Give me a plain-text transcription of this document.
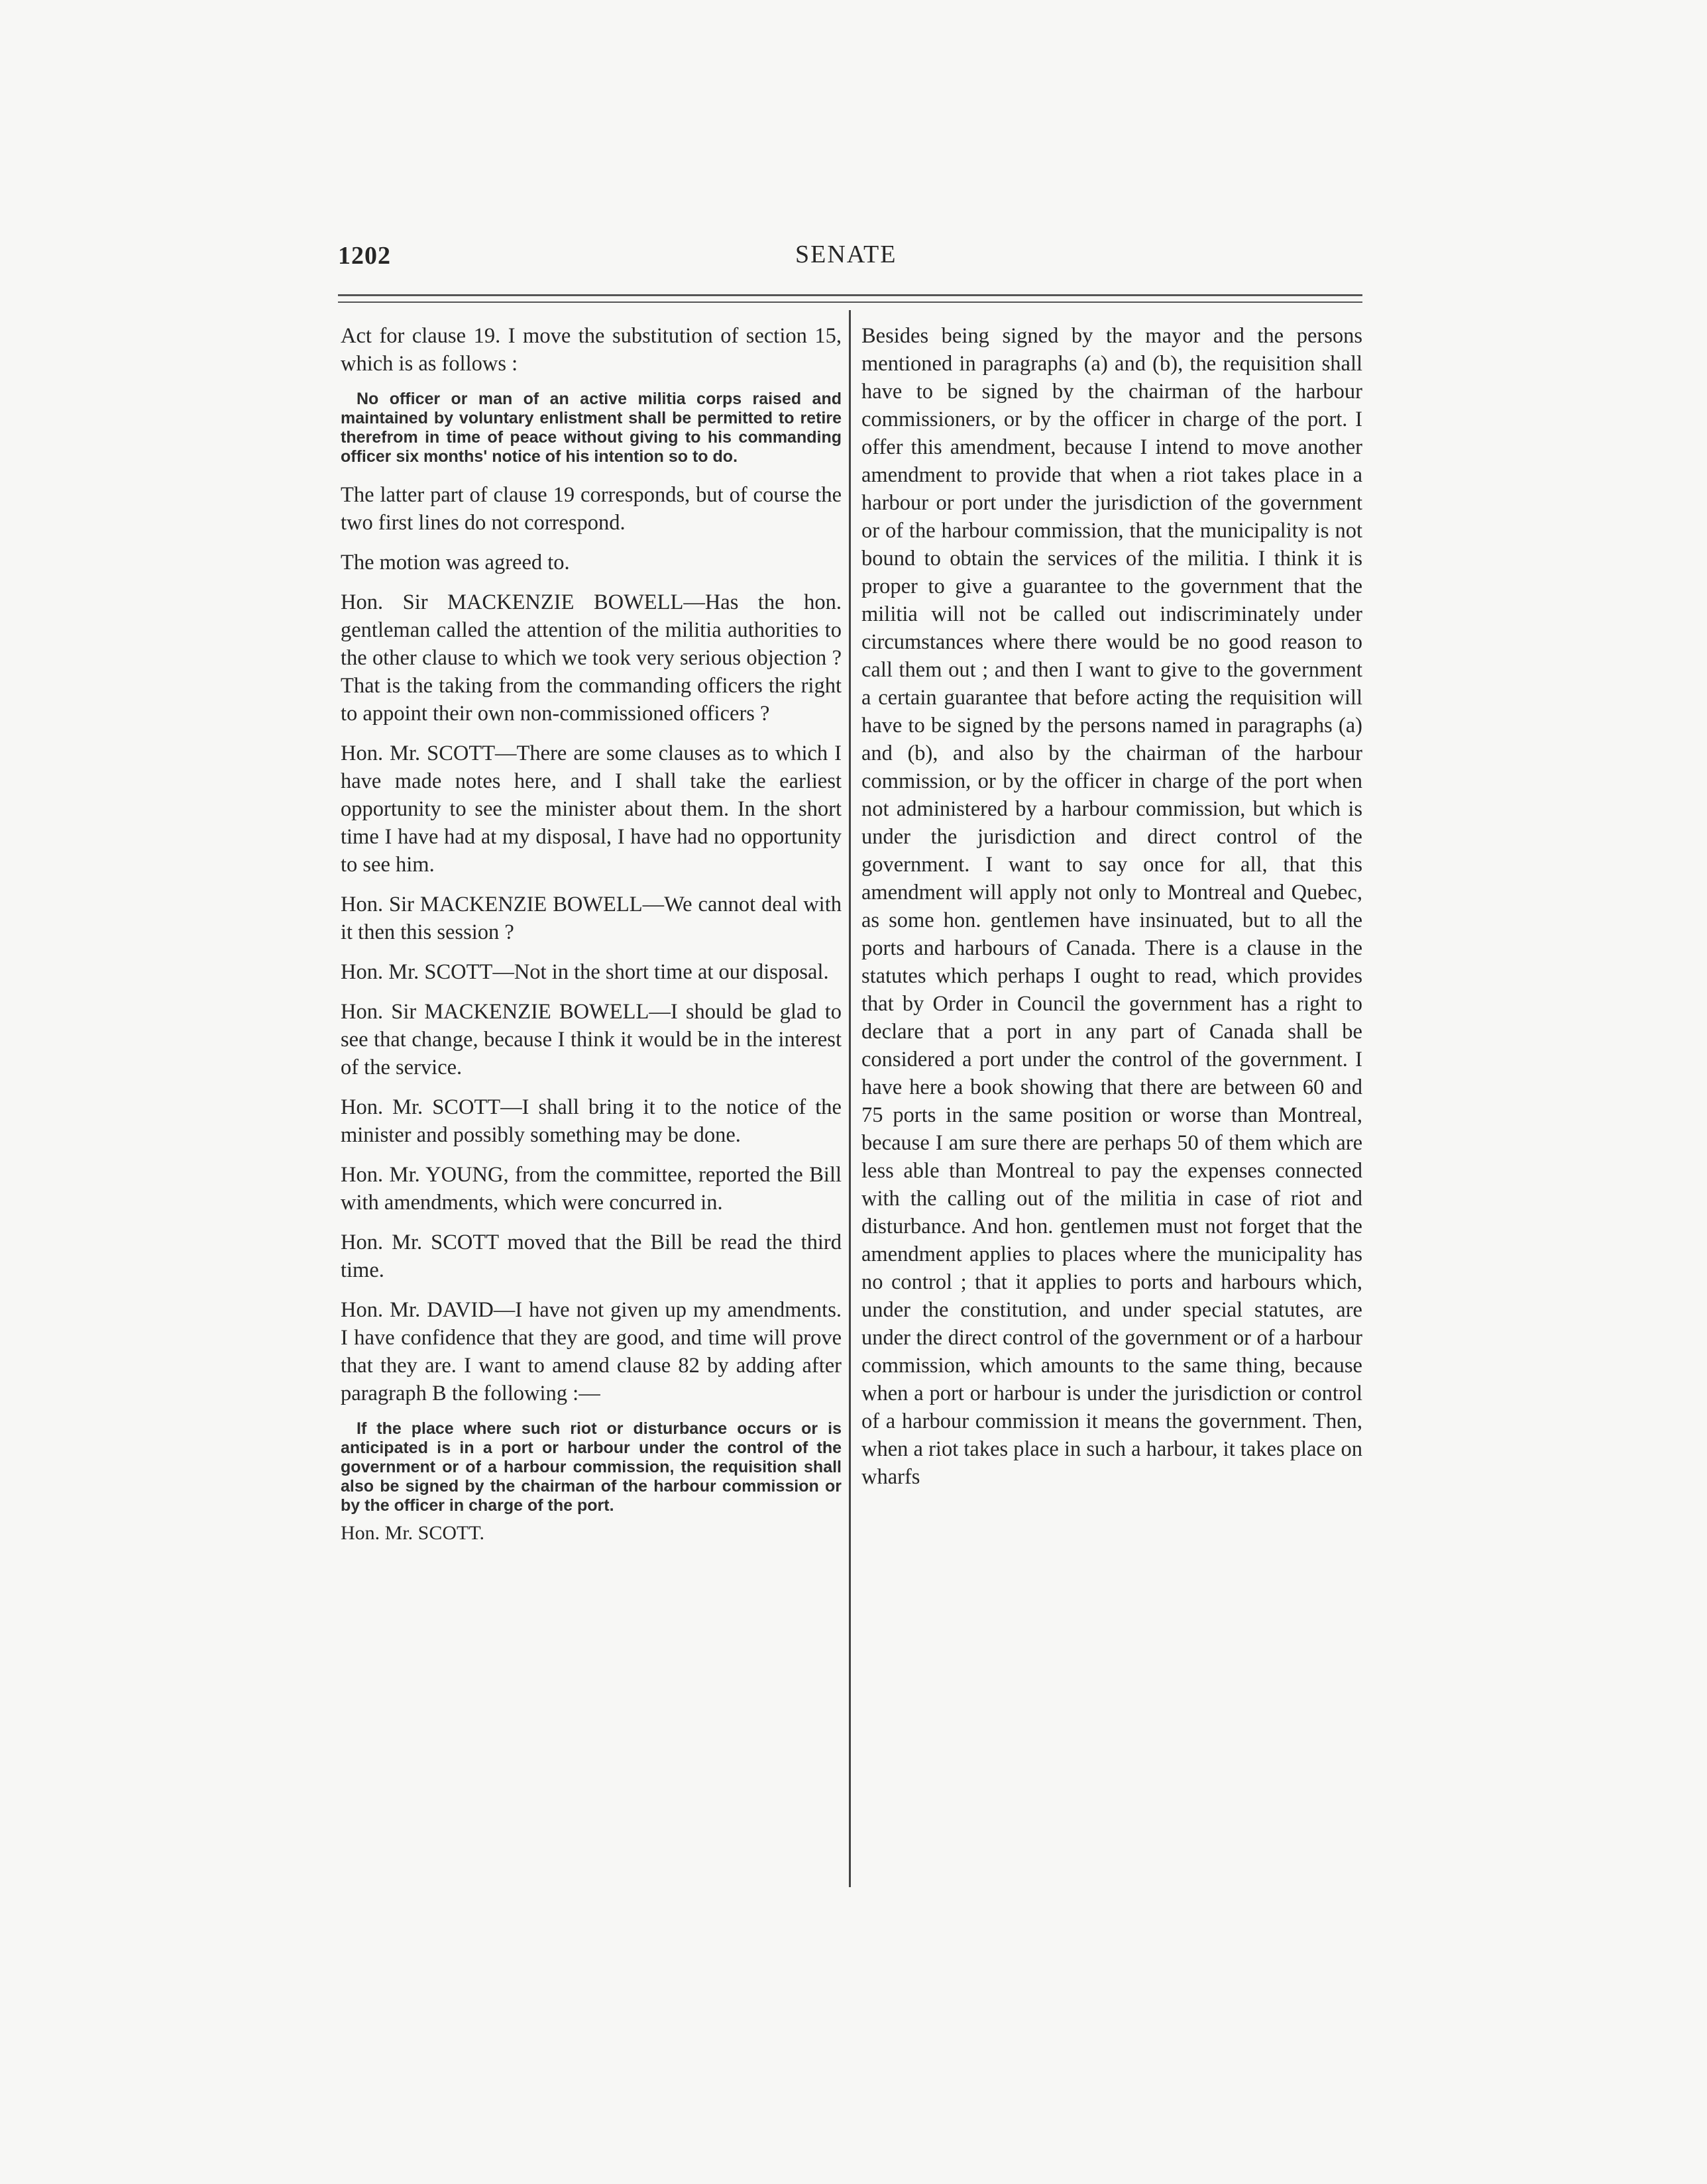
1202	SENATE

Act for clause 19. I move the substitution of section 15, which is as follows :

No officer or man of an active militia corps raised and maintained by voluntary enlistment shall be permitted to retire therefrom in time of peace without giving to his commanding officer six months' notice of his intention so to do.

The latter part of clause 19 corresponds, but of course the two first lines do not correspond.

The motion was agreed to.

Hon. Sir MACKENZIE BOWELL—Has the hon. gentleman called the attention of the militia authorities to the other clause to which we took very serious objection ? That is the taking from the commanding officers the right to appoint their own non-commissioned officers ?

Hon. Mr. SCOTT—There are some clauses as to which I have made notes here, and I shall take the earliest opportunity to see the minister about them. In the short time I have had at my disposal, I have had no opportunity to see him.

Hon. Sir MACKENZIE BOWELL—We cannot deal with it then this session ?

Hon. Mr. SCOTT—Not in the short time at our disposal.

Hon. Sir MACKENZIE BOWELL—I should be glad to see that change, because I think it would be in the interest of the service.

Hon. Mr. SCOTT—I shall bring it to the notice of the minister and possibly something may be done.

Hon. Mr. YOUNG, from the committee, reported the Bill with amendments, which were concurred in.

Hon. Mr. SCOTT moved that the Bill be read the third time.

Hon. Mr. DAVID—I have not given up my amendments. I have confidence that they are good, and time will prove that they are. I want to amend clause 82 by adding after paragraph B the following :—

If the place where such riot or disturbance occurs or is anticipated is in a port or harbour under the control of the government or of a harbour commission, the requisition shall also be signed by the chairman of the harbour commission or by the officer in charge of the port.

Hon. Mr. SCOTT.

Besides being signed by the mayor and the persons mentioned in paragraphs (a) and (b), the requisition shall have to be signed by the chairman of the harbour commissioners, or by the officer in charge of the port. I offer this amendment, because I intend to move another amendment to provide that when a riot takes place in a harbour or port under the jurisdiction of the government or of the harbour commission, that the municipality is not bound to obtain the services of the militia. I think it is proper to give a guarantee to the government that the militia will not be called out indiscriminately under circumstances where there would be no good reason to call them out ; and then I want to give to the government a certain guarantee that before acting the requisition will have to be signed by the persons named in paragraphs (a) and (b), and also by the chairman of the harbour commission, or by the officer in charge of the port when not administered by a harbour commission, but which is under the jurisdiction and direct control of the government. I want to say once for all, that this amendment will apply not only to Montreal and Quebec, as some hon. gentlemen have insinuated, but to all the ports and harbours of Canada. There is a clause in the statutes which perhaps I ought to read, which provides that by Order in Council the government has a right to declare that a port in any part of Canada shall be considered a port under the control of the government. I have here a book showing that there are between 60 and 75 ports in the same position or worse than Montreal, because I am sure there are perhaps 50 of them which are less able than Montreal to pay the expenses connected with the calling out of the militia in case of riot and disturbance. And hon. gentlemen must not forget that the amendment applies to places where the municipality has no control ; that it applies to ports and harbours which, under the constitution, and under special statutes, are under the direct control of the government or of a harbour commission, which amounts to the same thing, because when a port or harbour is under the jurisdiction or control of a harbour commission it means the government. Then, when a riot takes place in such a harbour, it takes place on wharfs
